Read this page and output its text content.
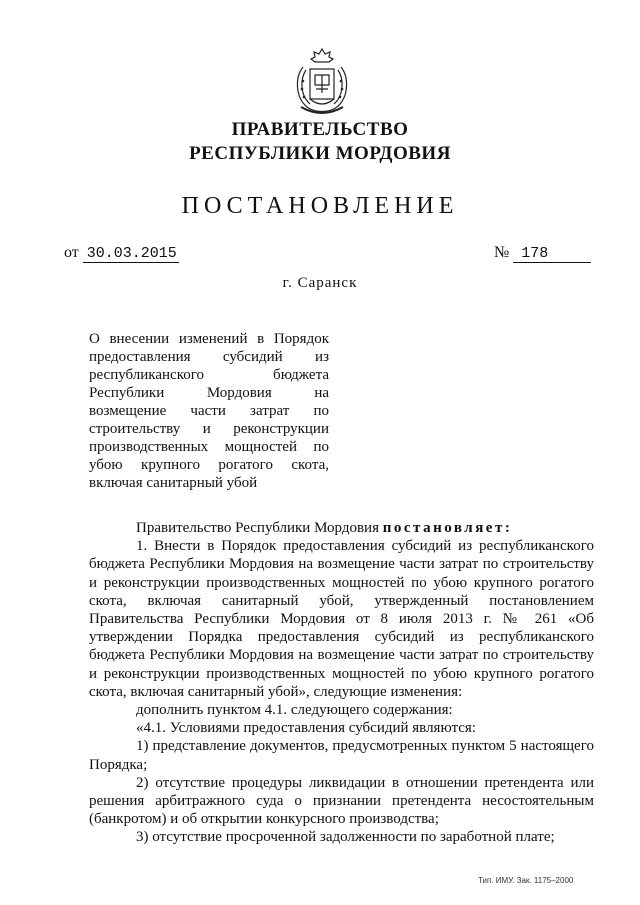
ПРАВИТЕЛЬСТВО
РЕСПУБЛИКИ МОРДОВИЯ
ПОСТАНОВЛЕНИЕ
от 30.03.2015	№ 178
г. Саранск
О внесении изменений в Порядок
предоставления субсидий из
республиканского бюджета
Республики Мордовия на
возмещение части затрат по
строительству и реконструкции
производственных мощностей по
убою крупного рогатого скота,
включая санитарный убой

Правительство Республики Мордовия постановляет:

1. Внести в Порядок предоставления субсидий из республиканского бюджета Республики Мордовия на возмещение части затрат по строительству и реконструкции производственных мощностей по убою крупного рогатого скота, включая санитарный убой, утвержденный постановлением Правительства Республики Мордовия от 8 июля 2013 г. № 261 «Об утверждении Порядка предоставления субсидий из республиканского бюджета Республики Мордовия на возмещение части затрат по строительству и реконструкции производственных мощностей по убою крупного рогатого скота, включая санитарный убой», следующие изменения:

дополнить пунктом 4.1. следующего содержания:

«4.1. Условиями предоставления субсидий являются:

1) представление документов, предусмотренных пунктом 5 настоящего Порядка;

2) отсутствие процедуры ликвидации в отношении претендента или решения арбитражного суда о признании претендента несостоятельным (банкротом) и об открытии конкурсного производства;

3) отсутствие просроченной задолженности по заработной плате;

Тип. ИМУ. Зак. 1175–2000
